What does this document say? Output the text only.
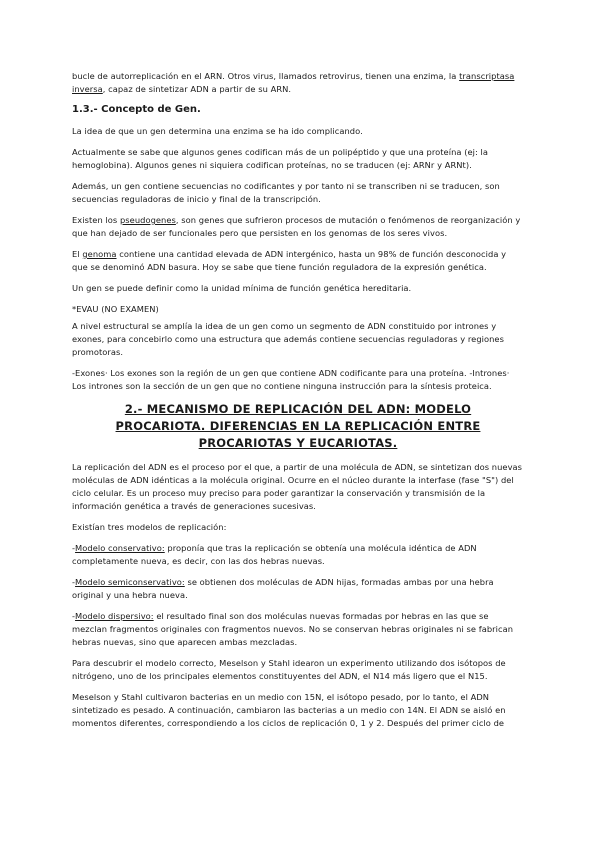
bucle de autorreplicación en el ARN. Otros virus, llamados retrovirus, tienen una enzima, la transcriptasa inversa, capaz de sintetizar ADN a partir de su ARN.

1.3.- Concepto de Gen.

La idea de que un gen determina una enzima se ha ido complicando.

Actualmente se sabe que algunos genes codifican más de un polipéptido y que una proteína (ej: la hemoglobina). Algunos genes ni siquiera codifican proteínas, no se traducen (ej: ARNr y ARNt).

Además, un gen contiene secuencias no codificantes y por tanto ni se transcriben ni se traducen, son secuencias reguladoras de inicio y final de la transcripción.

Existen los pseudogenes, son genes que sufrieron procesos de mutación o fenómenos de reorganización y que han dejado de ser funcionales pero que persisten en los genomas de los seres vivos.

El genoma contiene una cantidad elevada de ADN intergénico, hasta un 98% de función desconocida y que se denominó ADN basura. Hoy se sabe que tiene función reguladora de la expresión genética.

Un gen se puede definir como la unidad mínima de función genética hereditaria.

*EVAU (NO EXAMEN)

A nivel estructural se amplía la idea de un gen como un segmento de ADN constituido por intrones y exones, para concebirlo como una estructura que además contiene secuencias reguladoras y regiones promotoras.

-Exones· Los exones son la región de un gen que contiene ADN codificante para una proteína. -Intrones· Los intrones son la sección de un gen que no contiene ninguna instrucción para la síntesis proteica.

2.- MECANISMO DE REPLICACIÓN DEL ADN: MODELO
PROCARIOTA. DIFERENCIAS EN LA REPLICACIÓN ENTRE
PROCARIOTAS Y EUCARIOTAS.

La replicación del ADN es el proceso por el que, a partir de una molécula de ADN, se sintetizan dos nuevas moléculas de ADN idénticas a la molécula original. Ocurre en el núcleo durante la interfase (fase "S") del ciclo celular. Es un proceso muy preciso para poder garantizar la conservación y transmisión de la información genética a través de generaciones sucesivas.

Existían tres modelos de replicación:

-Modelo conservativo: proponía que tras la replicación se obtenía una molécula idéntica de ADN completamente nueva, es decir, con las dos hebras nuevas.

-Modelo semiconservativo: se obtienen dos moléculas de ADN hijas, formadas ambas por una hebra original y una hebra nueva.

-Modelo dispersivo: el resultado final son dos moléculas nuevas formadas por hebras en las que se mezclan fragmentos originales con fragmentos nuevos. No se conservan hebras originales ni se fabrican hebras nuevas, sino que aparecen ambas mezcladas.

Para descubrir el modelo correcto, Meselson y Stahl idearon un experimento utilizando dos isótopos de nitrógeno, uno de los principales elementos constituyentes del ADN, el N14 más ligero que el N15.

Meselson y Stahl cultivaron bacterias en un medio con 15N, el isótopo pesado, por lo tanto, el ADN sintetizado es pesado. A continuación, cambiaron las bacterias a un medio con 14N. El ADN se aisló en momentos diferentes, correspondiendo a los ciclos de replicación 0, 1 y 2. Después del primer ciclo de
